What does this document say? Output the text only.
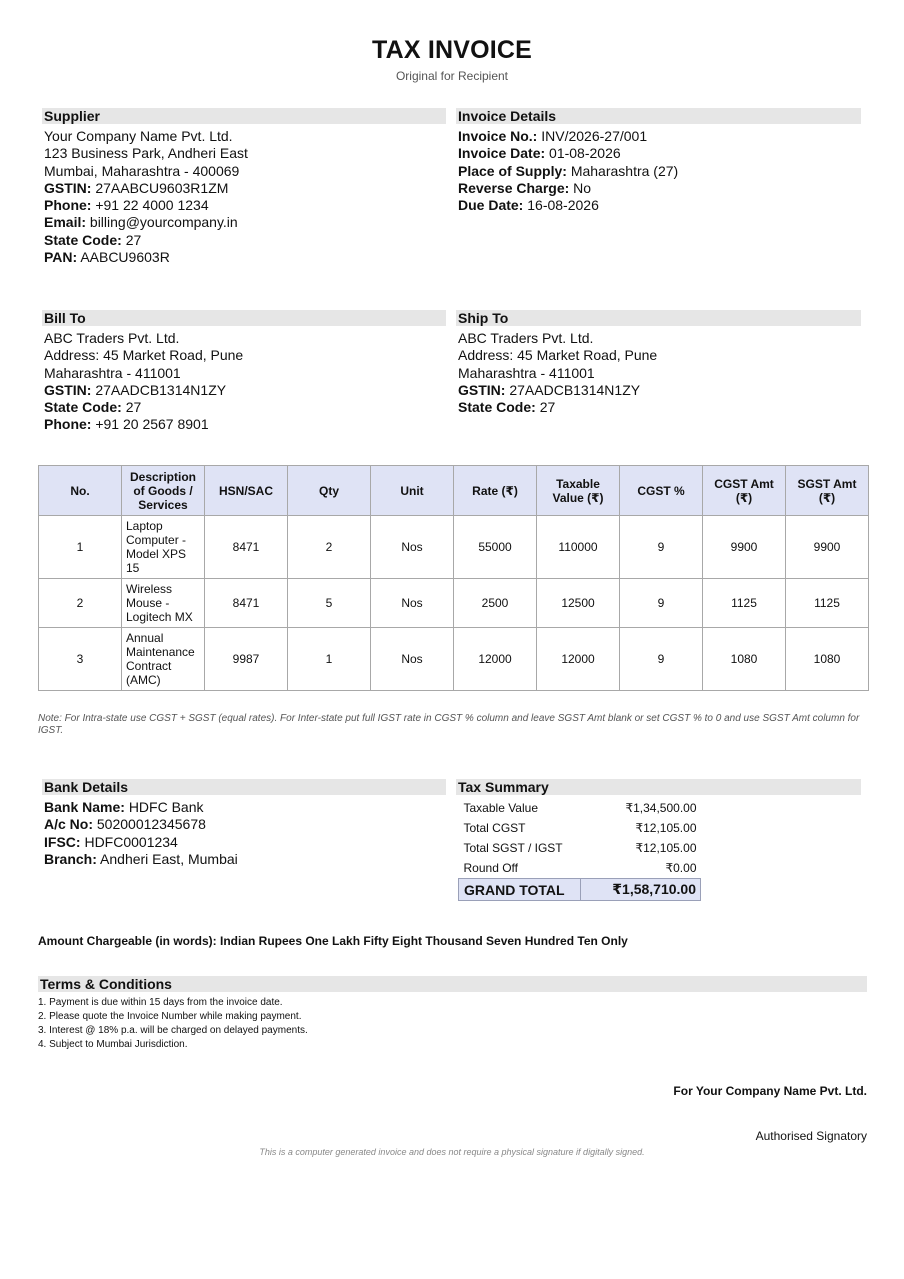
TAX INVOICE
Original for Recipient
Supplier
Your Company Name Pvt. Ltd.
123 Business Park, Andheri East
Mumbai, Maharashtra - 400069
GSTIN: 27AABCU9603R1ZM
Phone: +91 22 4000 1234
Email: billing@yourcompany.in
State Code: 27
PAN: AABCU9603R
Invoice Details
Invoice No.: INV/2026-27/001
Invoice Date: 01-08-2026
Place of Supply: Maharashtra (27)
Reverse Charge: No
Due Date: 16-08-2026
Bill To
ABC Traders Pvt. Ltd.
Address: 45 Market Road, Pune
Maharashtra - 411001
GSTIN: 27AADCB1314N1ZY
State Code: 27
Phone: +91 20 2567 8901
Ship To
ABC Traders Pvt. Ltd.
Address: 45 Market Road, Pune
Maharashtra - 411001
GSTIN: 27AADCB1314N1ZY
State Code: 27
No.	Description of Goods / Services	HSN/SAC	Qty	Unit	Rate (₹)	Taxable Value (₹)	CGST %	CGST Amt (₹)	SGST Amt (₹)
1	Laptop Computer - Model XPS 15	8471	2	Nos	55000	110000	9	9900	9900
2	Wireless Mouse - Logitech MX	8471	5	Nos	2500	12500	9	1125	1125
3	Annual Maintenance Contract (AMC)	9987	1	Nos	12000	12000	9	1080	1080
Note: For Intra-state use CGST + SGST (equal rates). For Inter-state put full IGST rate in CGST % column and leave SGST Amt blank or set CGST % to 0 and use SGST Amt column for IGST.
Bank Details
Bank Name: HDFC Bank
A/c No: 50200012345678
IFSC: HDFC0001234
Branch: Andheri East, Mumbai
Tax Summary
Taxable Value	₹1,34,500.00
Total CGST	₹12,105.00
Total SGST / IGST	₹12,105.00
Round Off	₹0.00
GRAND TOTAL	₹1,58,710.00
Amount Chargeable (in words): Indian Rupees One Lakh Fifty Eight Thousand Seven Hundred Ten Only
Terms & Conditions
1. Payment is due within 15 days from the invoice date.
2. Please quote the Invoice Number while making payment.
3. Interest @ 18% p.a. will be charged on delayed payments.
4. Subject to Mumbai Jurisdiction.
For Your Company Name Pvt. Ltd.
Authorised Signatory
This is a computer generated invoice and does not require a physical signature if digitally signed.
